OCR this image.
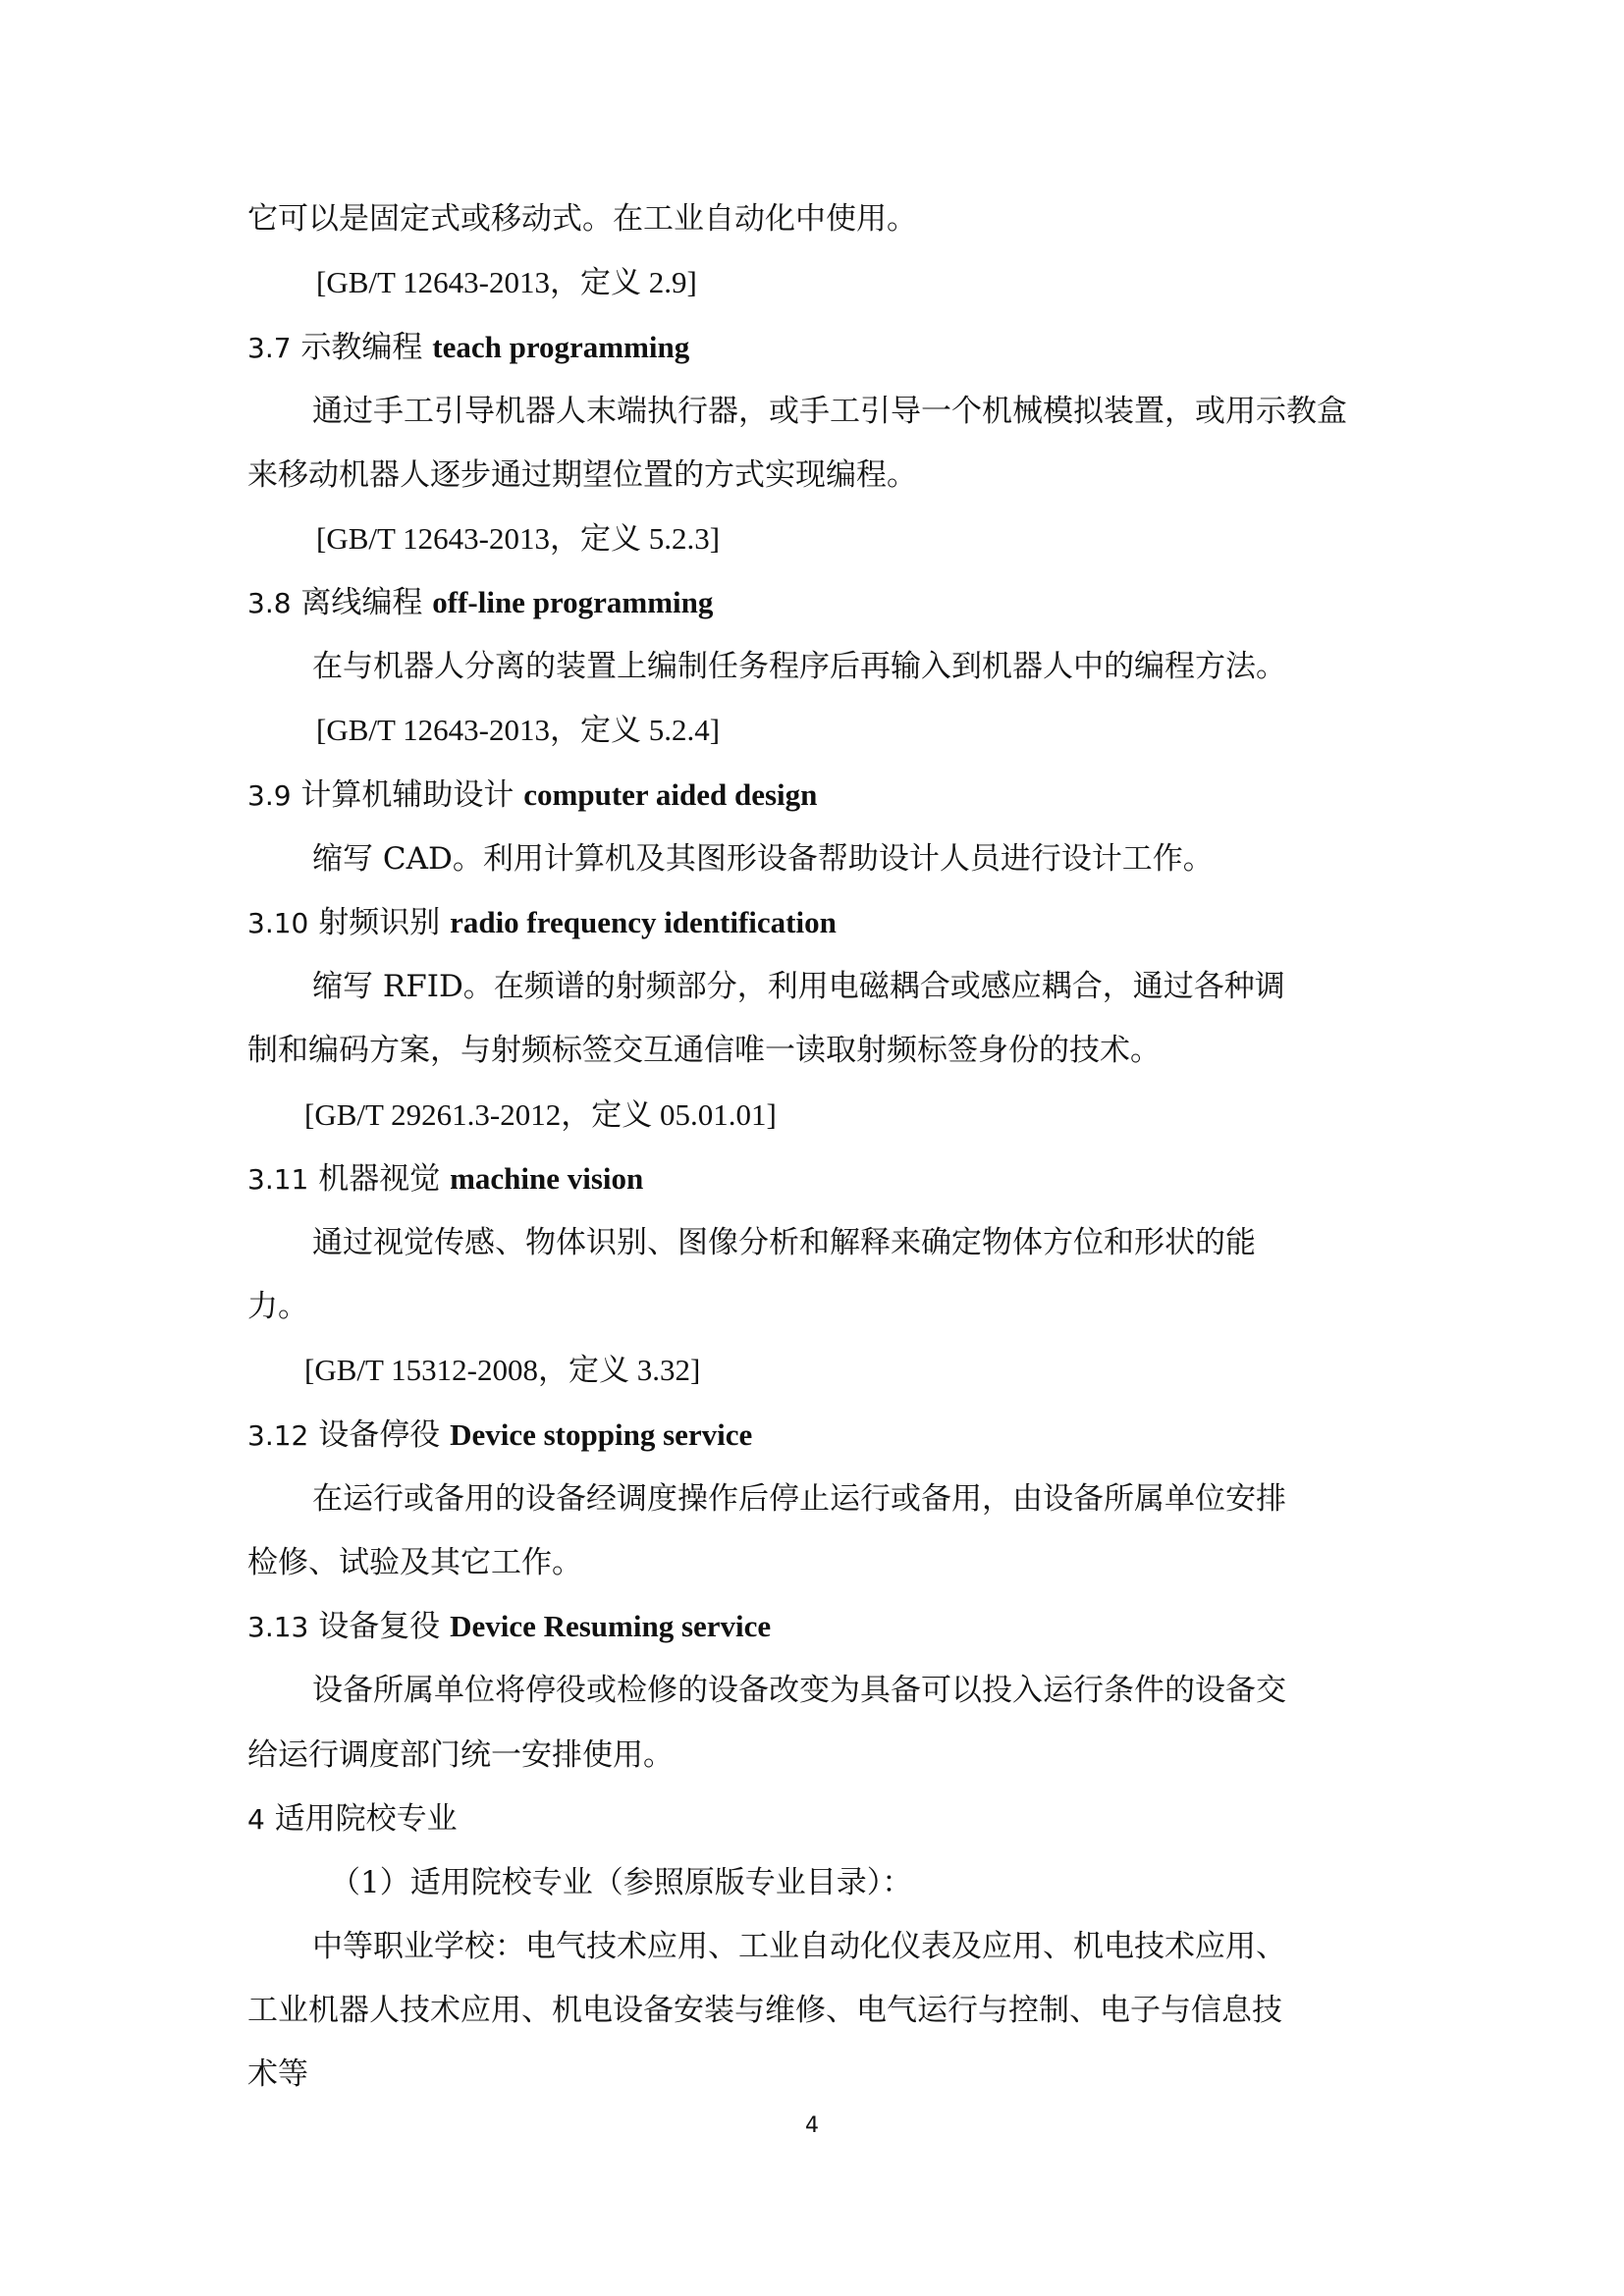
它可以是固定式或移动式。在工业自动化中使用。
[GB/T 12643-2013，定义 2.9]
3.7 示教编程 teach programming
通过手工引导机器人末端执行器，或手工引导一个机械模拟装置，或用示教盒
来移动机器人逐步通过期望位置的方式实现编程。
[GB/T 12643-2013，定义 5.2.3]
3.8 离线编程 off-line programming
在与机器人分离的装置上编制任务程序后再输入到机器人中的编程方法。
[GB/T 12643-2013，定义 5.2.4]
3.9 计算机辅助设计 computer aided design
缩写 CAD。利用计算机及其图形设备帮助设计人员进行设计工作。
3.10 射频识别 radio frequency identification
缩写 RFID。在频谱的射频部分，利用电磁耦合或感应耦合，通过各种调
制和编码方案，与射频标签交互通信唯一读取射频标签身份的技术。
[GB/T 29261.3-2012，定义 05.01.01]
3.11 机器视觉 machine vision
通过视觉传感、物体识别、图像分析和解释来确定物体方位和形状的能
力。
[GB/T 15312-2008，定义 3.32]
3.12 设备停役 Device stopping service
在运行或备用的设备经调度操作后停止运行或备用，由设备所属单位安排
检修、试验及其它工作。
3.13 设备复役 Device Resuming service
设备所属单位将停役或检修的设备改变为具备可以投入运行条件的设备交
给运行调度部门统一安排使用。
4 适用院校专业
（1）适用院校专业（参照原版专业目录）：
中等职业学校：电气技术应用、工业自动化仪表及应用、机电技术应用、
工业机器人技术应用、机电设备安装与维修、电气运行与控制、电子与信息技
术等
4
